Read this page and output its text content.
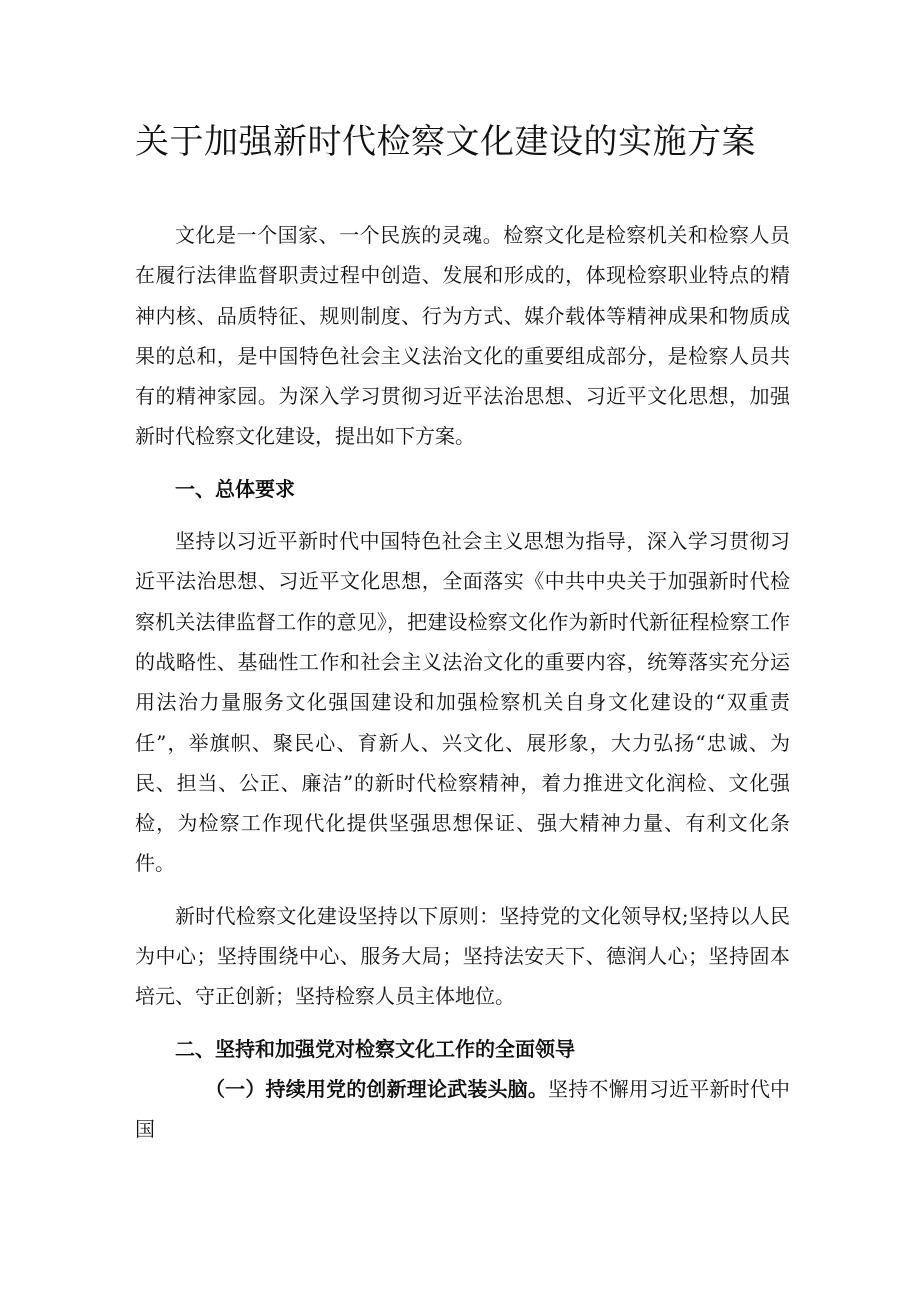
关于加强新时代检察文化建设的实施方案

文化是一个国家、一个民族的灵魂。检察文化是检察机关和检察人员在履行法律监督职责过程中创造、发展和形成的，体现检察职业特点的精神内核、品质特征、规则制度、行为方式、媒介载体等精神成果和物质成果的总和，是中国特色社会主义法治文化的重要组成部分，是检察人员共有的精神家园。为深入学习贯彻习近平法治思想、习近平文化思想，加强新时代检察文化建设，提出如下方案。

一、总体要求

坚持以习近平新时代中国特色社会主义思想为指导，深入学习贯彻习近平法治思想、习近平文化思想，全面落实《中共中央关于加强新时代检察机关法律监督工作的意见》，把建设检察文化作为新时代新征程检察工作的战略性、基础性工作和社会主义法治文化的重要内容，统筹落实充分运用法治力量服务文化强国建设和加强检察机关自身文化建设的“双重责任”，举旗帜、聚民心、育新人、兴文化、展形象，大力弘扬“忠诚、为民、担当、公正、廉洁”的新时代检察精神，着力推进文化润检、文化强检，为检察工作现代化提供坚强思想保证、强大精神力量、有利文化条件。

新时代检察文化建设坚持以下原则：坚持党的文化领导权;坚持以人民为中心；坚持围绕中心、服务大局；坚持法安天下、德润人心；坚持固本培元、守正创新；坚持检察人员主体地位。

二、坚持和加强党对检察文化工作的全面领导

（一）持续用党的创新理论武装头脑。坚持不懈用习近平新时代中国
